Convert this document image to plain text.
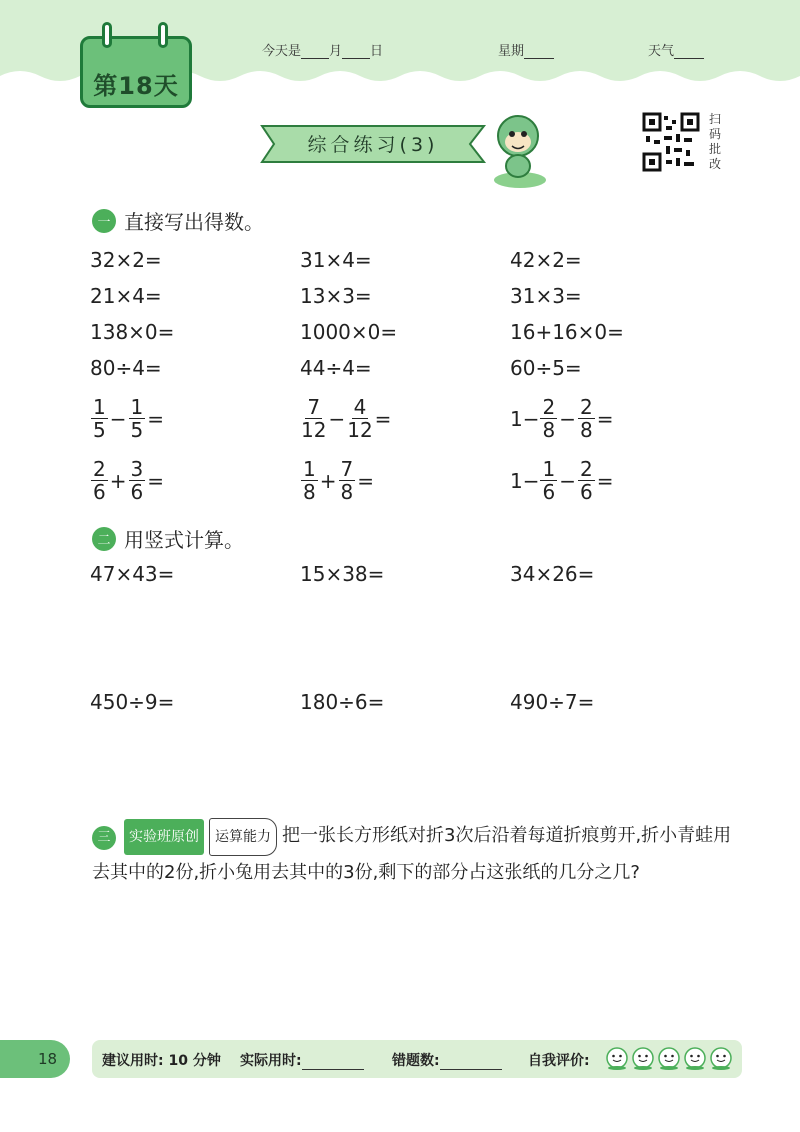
第18天
今天是 月 日	星期	天气
综合练习(3)
扫
码
批
改
一 直接写出得数。
32×2=	31×4=	42×2=
21×4=	13×3=	31×3=
138×0=	1000×0=	16+16×0=
80÷4=	44÷4=	60÷5=
$\frac{1}{5} - \frac{1}{5}$ =	$\frac{7}{12} - \frac{4}{12}$ =	$1- \frac{2}{8} - \frac{2}{8}$ =
$\frac{2}{6} + \frac{3}{6}$ =	$\frac{1}{8} + \frac{7}{8}$ =	$1- \frac{1}{6} - \frac{2}{6}$ =
二 用竖式计算。
47×43=	15×38=	34×26=
450÷9=	180÷6=	490÷7=
三 实验班原创 运算能力 把一张长方形纸对折3次后沿着每道折痕剪开,折小青蛙用去其中的2份,折小兔用去其中的3份,剩下的部分占这张纸的几分之几?
18	建议用时: 10 分钟 实际用时:	错题数:	自我评价:
